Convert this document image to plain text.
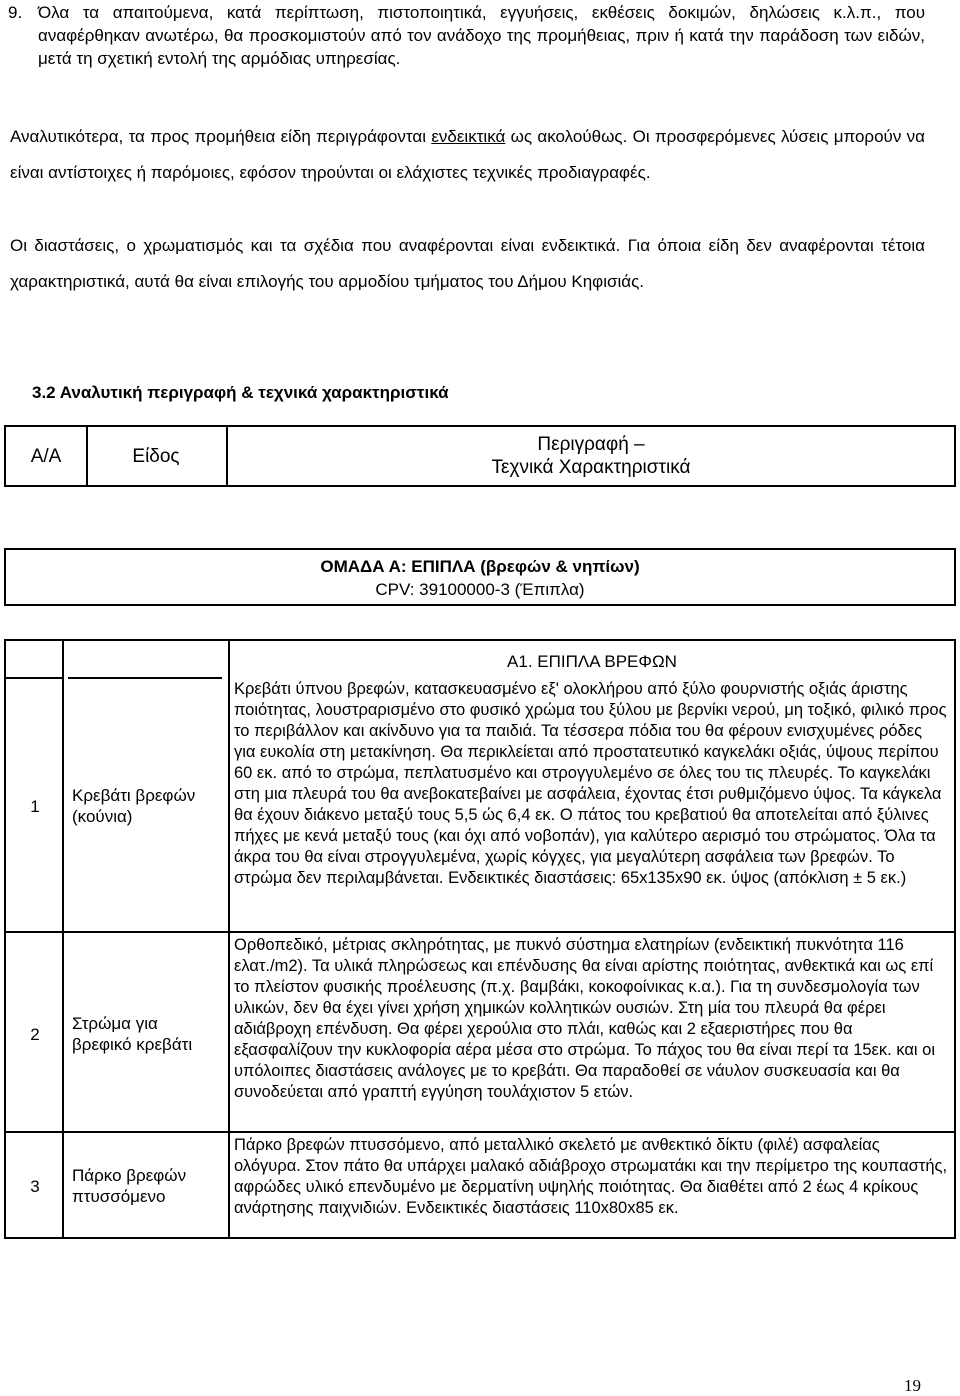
9. Όλα τα απαιτούμενα, κατά περίπτωση, πιστοποιητικά, εγγυήσεις, εκθέσεις δοκιμών, δηλώσεις κ.λ.π., που αναφέρθηκαν ανωτέρω, θα προσκομιστούν από τον ανάδοχο της προμήθειας, πριν ή κατά την παράδοση των ειδών, μετά τη σχετική εντολή της αρμόδιας υπηρεσίας.
Αναλυτικότερα, τα προς προμήθεια είδη περιγράφονται ενδεικτικά ως ακολούθως. Οι προσφερόμενες λύσεις μπορούν να είναι αντίστοιχες ή παρόμοιες, εφόσον τηρούνται οι ελάχιστες τεχνικές προδιαγραφές.
Οι διαστάσεις, ο χρωματισμός και τα σχέδια που αναφέρονται είναι ενδεικτικά. Για όποια είδη δεν αναφέρονται τέτοια χαρακτηριστικά, αυτά θα είναι επιλογής του αρμοδίου τμήματος του Δήμου Κηφισιάς.
3.2 Αναλυτική περιγραφή & τεχνικά χαρακτηριστικά
Α/Α	Είδος
Περιγραφή –
Τεχνικά Χαρακτηριστικά
ΟΜΑΔΑ Α: ΕΠΙΠΛΑ (βρεφών & νηπίων)
CPV: 39100000-3 (Έπιπλα)
Α1. ΕΠΙΠΛΑ ΒΡΕΦΩΝ
1
Κρεβάτι βρεφών (κούνια)
Κρεβάτι ύπνου βρεφών, κατασκευασμένο εξ' ολοκλήρου από ξύλο φουρνιστής οξιάς άριστης ποιότητας, λουστραρισμένο στο φυσικό χρώμα του ξύλου με βερνίκι νερού, μη τοξικό, φιλικό προς το περιβάλλον και ακίνδυνο για τα παιδιά. Τα τέσσερα πόδια του θα φέρουν ενισχυμένες ρόδες για ευκολία στη μετακίνηση. Θα περικλείεται από προστατευτικό καγκελάκι οξιάς, ύψους περίπου 60 εκ. από το στρώμα, πεπλατυσμένο και στρογγυλεμένο σε όλες του τις πλευρές. Το καγκελάκι στη μια πλευρά του θα ανεβοκατεβαίνει με ασφάλεια, έχοντας έτσι ρυθμιζόμενο ύψος. Τα κάγκελα θα έχουν διάκενο μεταξύ τους 5,5 ώς 6,4 εκ. Ο πάτος του κρεβατιού θα αποτελείται από ξύλινες πήχες με κενά μεταξύ τους (και όχι από νοβοπάν), για καλύτερο αερισμό του στρώματος. Όλα τα άκρα του θα είναι στρογγυλεμένα, χωρίς κόγχες, για μεγαλύτερη ασφάλεια των βρεφών. Το στρώμα δεν περιλαμβάνεται. Ενδεικτικές διαστάσεις: 65x135x90 εκ. ύψος (απόκλιση ± 5 εκ.)
2
Στρώμα για βρεφικό κρεβάτι
Ορθοπεδικό, μέτριας σκληρότητας, με πυκνό σύστημα ελατηρίων (ενδεικτική πυκνότητα 116 ελατ./m2). Τα υλικά πληρώσεως και επένδυσης θα είναι αρίστης ποιότητας, ανθεκτικά και ως επί το πλείστον φυσικής προέλευσης (π.χ. βαμβάκι, κοκοφοίνικας κ.α.). Για τη συνδεσμολογία των υλικών, δεν θα έχει γίνει χρήση χημικών κολλητικών ουσιών. Στη μία του πλευρά θα φέρει αδιάβροχη επένδυση. Θα φέρει χερούλια στο πλάι, καθώς και 2 εξαεριστήρες που θα εξασφαλίζουν την κυκλοφορία αέρα μέσα στο στρώμα. Το πάχος του θα είναι περί τα 15εκ. και οι υπόλοιπες διαστάσεις ανάλογες με το κρεβάτι. Θα παραδοθεί σε νάυλον συσκευασία και θα συνοδεύεται από γραπτή εγγύηση τουλάχιστον 5 ετών.
3
Πάρκο βρεφών πτυσσόμενο
Πάρκο βρεφών πτυσσόμενο, από μεταλλικό σκελετό με ανθεκτικό δίκτυ (φιλέ) ασφαλείας ολόγυρα. Στον πάτο θα υπάρχει μαλακό αδιάβροχο στρωματάκι και την περίμετρο της κουπαστής, αφρώδες υλικό επενδυμένο με δερματίνη υψηλής ποιότητας. Θα διαθέτει από 2 έως 4 κρίκους ανάρτησης παιχνιδιών. Ενδεικτικές διαστάσεις 110x80x85 εκ.
19
